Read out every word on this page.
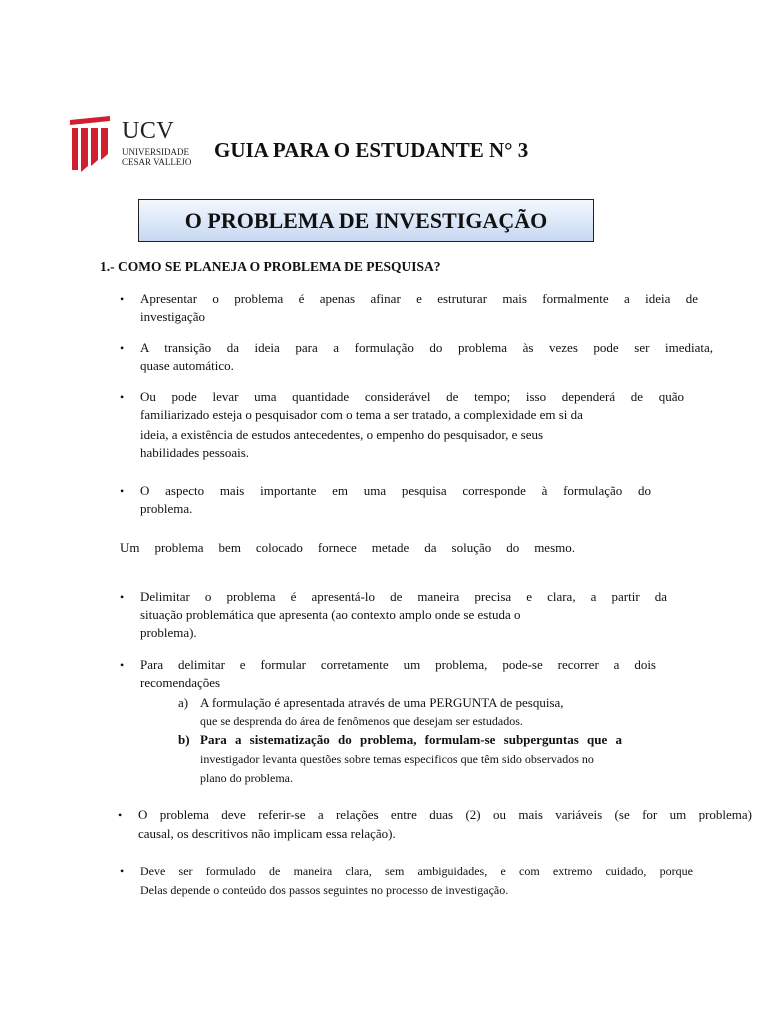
UCV
UNIVERSIDADE
CESAR VALLEJO GUIA PARA O ESTUDANTE N° 3
O PROBLEMA DE INVESTIGAÇÃO
1.- COMO SE PLANEJA O PROBLEMA DE PESQUISA?
• Apresentar o problema é apenas afinar e estruturar mais formalmente a ideia de
investigação
• A transição da ideia para a formulação do problema às vezes pode ser imediata,
quase automático.
• Ou pode levar uma quantidade considerável de tempo; isso dependerá de quão
familiarizado esteja o pesquisador com o tema a ser tratado, a complexidade em si da
ideia, a existência de estudos antecedentes, o empenho do pesquisador, e seus
habilidades pessoais.
• O aspecto mais importante em uma pesquisa corresponde à formulação do
problema.
Um problema bem colocado fornece metade da solução do mesmo.
• Delimitar o problema é apresentá-lo de maneira precisa e clara, a partir da
situação problemática que apresenta (ao contexto amplo onde se estuda o
problema).
• Para delimitar e formular corretamente um problema, pode-se recorrer a dois
recomendações
a) A formulação é apresentada através de uma PERGUNTA de pesquisa,
que se desprenda do área de fenômenos que desejam ser estudados.
b) Para a sistematização do problema, formulam-se subperguntas que a
investigador levanta questões sobre temas especificos que têm sido observados no
plano do problema.
• O problema deve referir-se a relações entre duas (2) ou mais variáveis (se for um problema)
causal, os descritivos não implicam essa relação).
• Deve ser formulado de maneira clara, sem ambiguidades, e com extremo cuidado, porque
Delas depende o conteúdo dos passos seguintes no processo de investigação.
